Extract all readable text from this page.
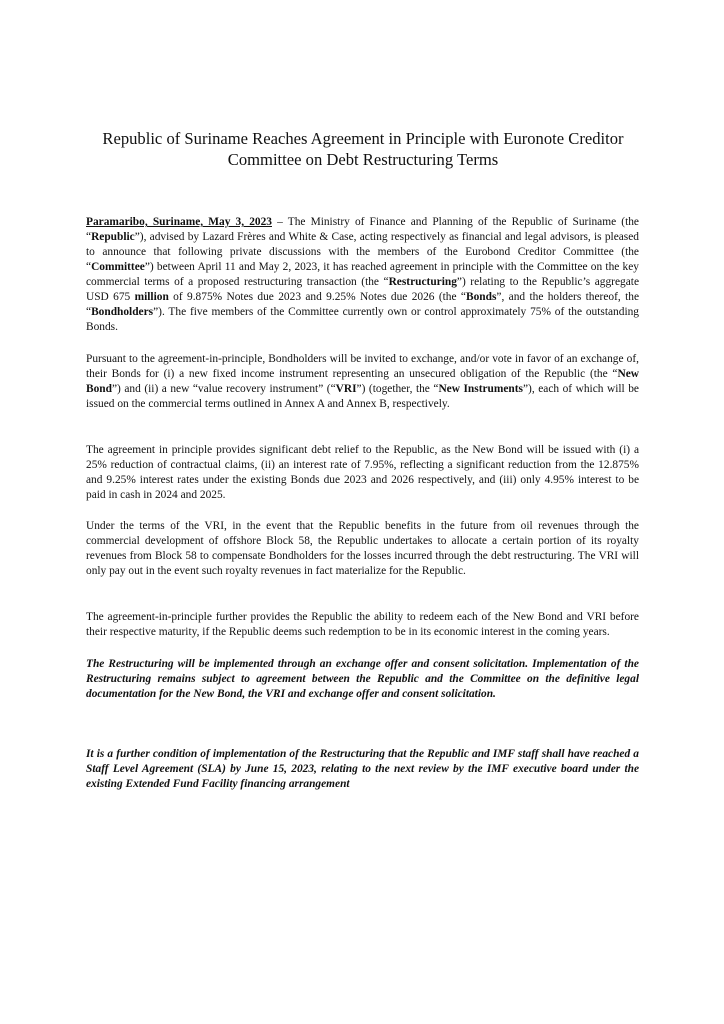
Republic of Suriname Reaches Agreement in Principle with Euronote Creditor Committee on Debt Restructuring Terms

Paramaribo, Suriname, May 3, 2023 – The Ministry of Finance and Planning of the Republic of Suriname (the “Republic”), advised by Lazard Frères and White & Case, acting respectively as financial and legal advisors, is pleased to announce that following private discussions with the members of the Eurobond Creditor Committee (the “Committee”) between April 11 and May 2, 2023, it has reached agreement in principle with the Committee on the key commercial terms of a proposed restructuring transaction (the “Restructuring”) relating to the Republic’s aggregate USD 675 million of 9.875% Notes due 2023 and 9.25% Notes due 2026 (the “Bonds”, and the holders thereof, the “Bondholders”). The five members of the Committee currently own or control approximately 75% of the outstanding Bonds.

Pursuant to the agreement-in-principle, Bondholders will be invited to exchange, and/or vote in favor of an exchange of, their Bonds for (i) a new fixed income instrument representing an unsecured obligation of the Republic (the “New Bond”) and (ii) a new “value recovery instrument” (“VRI”) (together, the “New Instruments”), each of which will be issued on the commercial terms outlined in Annex A and Annex B, respectively.

The agreement in principle provides significant debt relief to the Republic, as the New Bond will be issued with (i) a 25% reduction of contractual claims, (ii) an interest rate of 7.95%, reflecting a significant reduction from the 12.875% and 9.25% interest rates under the existing Bonds due 2023 and 2026 respectively, and (iii) only 4.95% interest to be paid in cash in 2024 and 2025.

Under the terms of the VRI, in the event that the Republic benefits in the future from oil revenues through the commercial development of offshore Block 58, the Republic undertakes to allocate a certain portion of its royalty revenues from Block 58 to compensate Bondholders for the losses incurred through the debt restructuring. The VRI will only pay out in the event such royalty revenues in fact materialize for the Republic.

The agreement-in-principle further provides the Republic the ability to redeem each of the New Bond and VRI before their respective maturity, if the Republic deems such redemption to be in its economic interest in the coming years.

The Restructuring will be implemented through an exchange offer and consent solicitation. Implementation of the Restructuring remains subject to agreement between the Republic and the Committee on the definitive legal documentation for the New Bond, the VRI and exchange offer and consent solicitation.

It is a further condition of implementation of the Restructuring that the Republic and IMF staff shall have reached a Staff Level Agreement (SLA) by June 15, 2023, relating to the next review by the IMF executive board under the existing Extended Fund Facility financing arrangement
